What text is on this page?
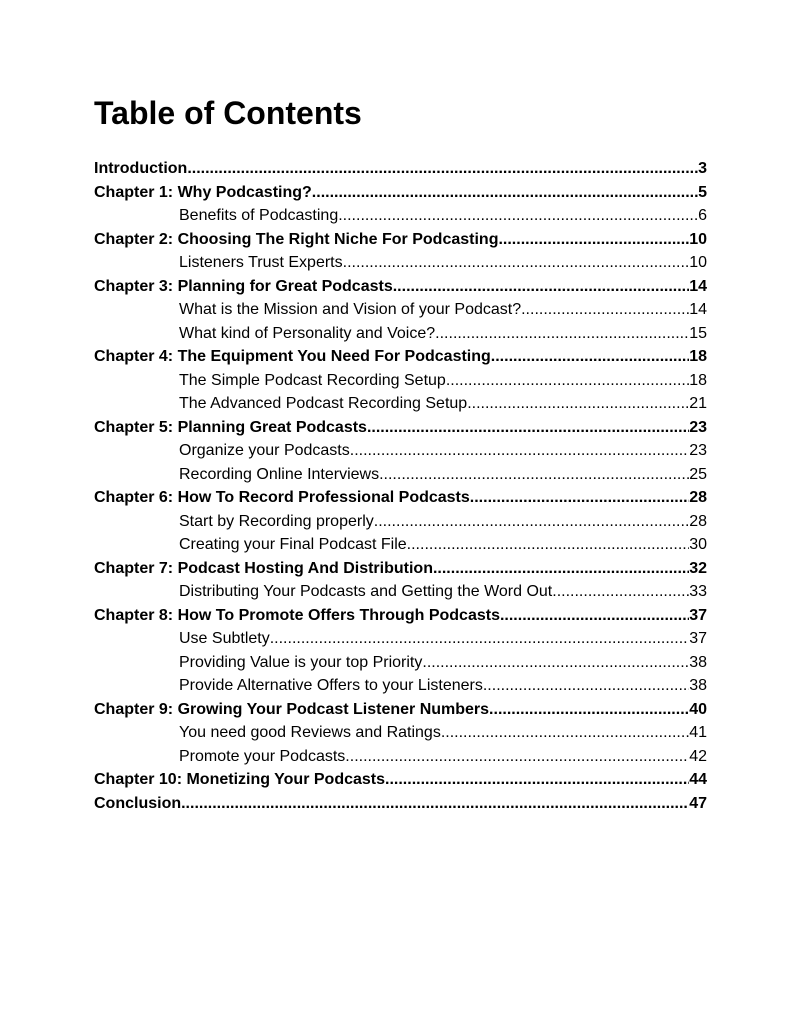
Table of Contents
Introduction .....	3
Chapter 1: Why Podcasting? .....	5
Benefits of Podcasting .....	6
Chapter 2: Choosing The Right Niche For Podcasting .....	10
Listeners Trust Experts .....	10
Chapter 3: Planning for Great Podcasts .....	14
What is the Mission and Vision of your Podcast? .....	14
What kind of Personality and Voice? .....	15
Chapter 4: The Equipment You Need For Podcasting .....	18
The Simple Podcast Recording Setup .....	18
The Advanced Podcast Recording Setup .....	21
Chapter 5: Planning Great Podcasts .....	23
Organize your Podcasts .....	23
Recording Online Interviews .....	25
Chapter 6: How To Record Professional Podcasts .....	28
Start by Recording properly .....	28
Creating your Final Podcast File .....	30
Chapter 7: Podcast Hosting And Distribution .....	32
Distributing Your Podcasts and Getting the Word Out .....	33
Chapter 8: How To Promote Offers Through Podcasts .....	37
Use Subtlety .....	37
Providing Value is your top Priority .....	38
Provide Alternative Offers to your Listeners .....	38
Chapter 9: Growing Your Podcast Listener Numbers .....	40
You need good Reviews and Ratings .....	41
Promote your Podcasts .....	42
Chapter 10: Monetizing Your Podcasts .....	44
Conclusion .....	47
